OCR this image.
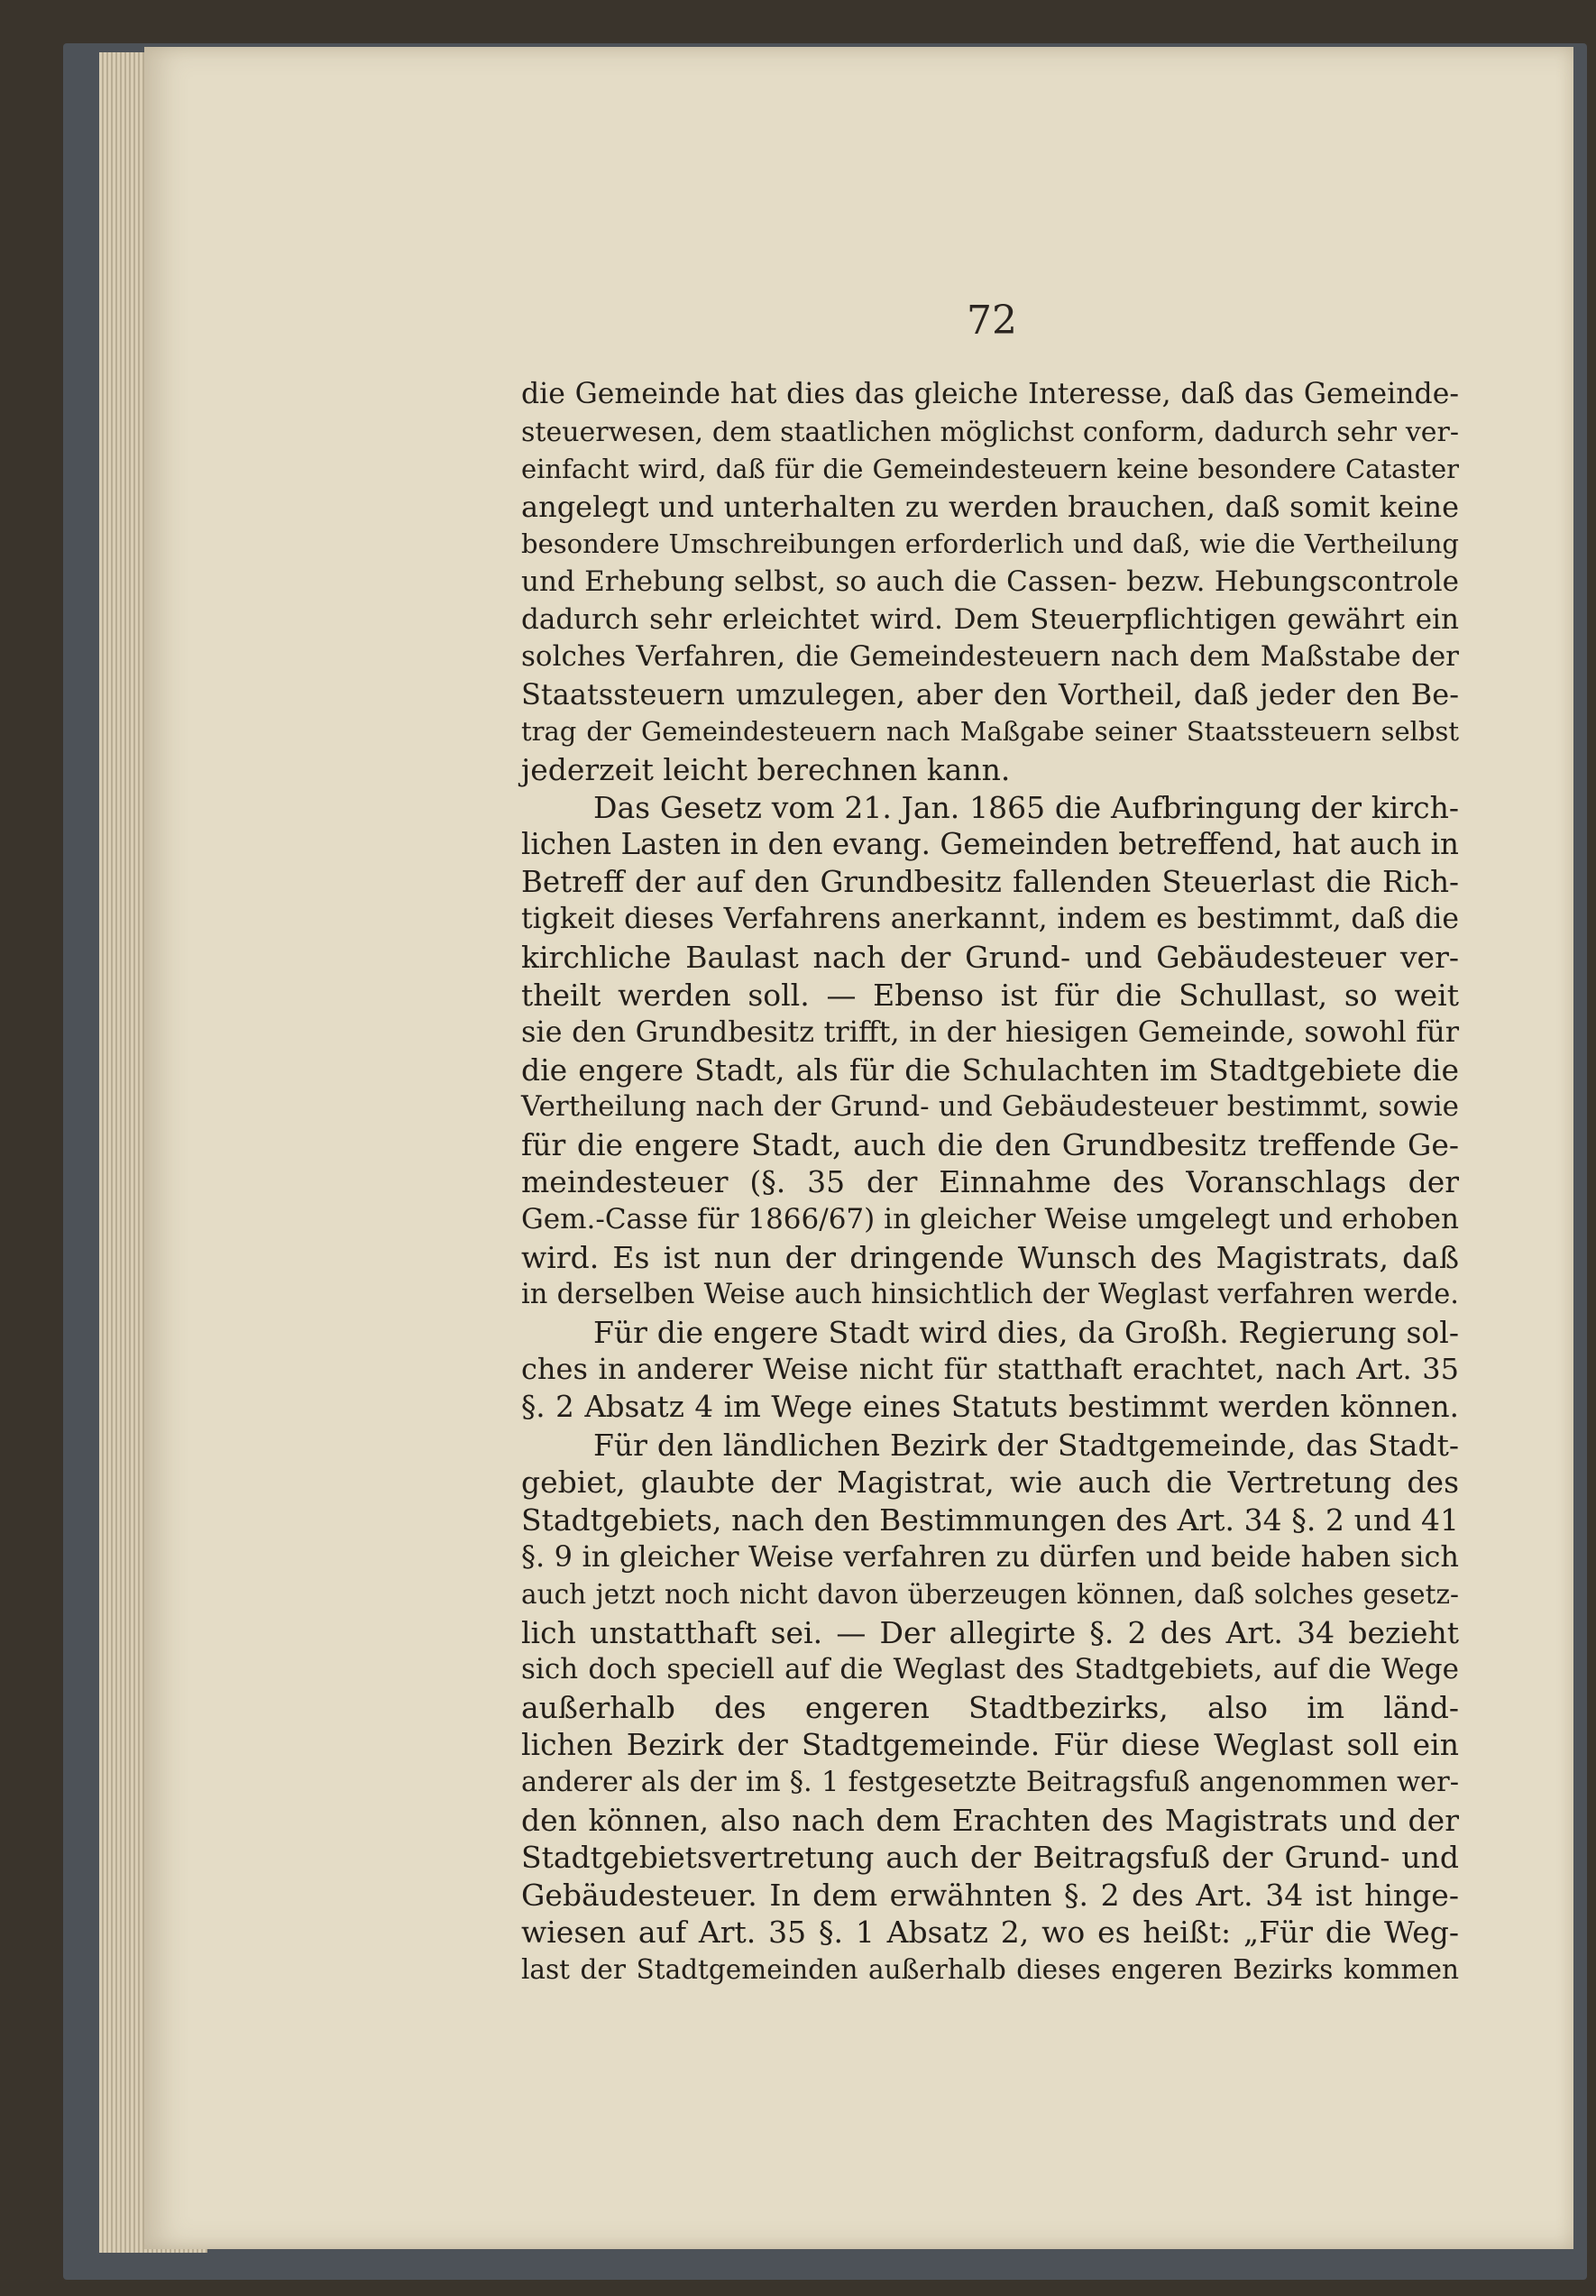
72
die Gemeinde hat dies das gleiche Interesse, daß das Gemeinde-
steuerwesen, dem staatlichen möglichst conform, dadurch sehr ver-
einfacht wird, daß für die Gemeindesteuern keine besondere Cataster
angelegt und unterhalten zu werden brauchen, daß somit keine
besondere Umschreibungen erforderlich und daß, wie die Vertheilung
und Erhebung selbst, so auch die Cassen- bezw. Hebungscontrole
dadurch sehr erleichtet wird. Dem Steuerpflichtigen gewährt ein
solches Verfahren, die Gemeindesteuern nach dem Maßstabe der
Staatssteuern umzulegen, aber den Vortheil, daß jeder den Be-
trag der Gemeindesteuern nach Maßgabe seiner Staatssteuern selbst
jederzeit leicht berechnen kann.
Das Gesetz vom 21. Jan. 1865 die Aufbringung der kirch-
lichen Lasten in den evang. Gemeinden betreffend, hat auch in
Betreff der auf den Grundbesitz fallenden Steuerlast die Rich-
tigkeit dieses Verfahrens anerkannt, indem es bestimmt, daß die
kirchliche Baulast nach der Grund- und Gebäudesteuer ver-
theilt werden soll. — Ebenso ist für die Schullast, so weit
sie den Grundbesitz trifft, in der hiesigen Gemeinde, sowohl für
die engere Stadt, als für die Schulachten im Stadtgebiete die
Vertheilung nach der Grund- und Gebäudesteuer bestimmt, sowie
für die engere Stadt, auch die den Grundbesitz treffende Ge-
meindesteuer (§. 35 der Einnahme des Voranschlags der
Gem.-Casse für 1866/67) in gleicher Weise umgelegt und erhoben
wird. Es ist nun der dringende Wunsch des Magistrats, daß
in derselben Weise auch hinsichtlich der Weglast verfahren werde.
Für die engere Stadt wird dies, da Großh. Regierung sol-
ches in anderer Weise nicht für statthaft erachtet, nach Art. 35
§. 2 Absatz 4 im Wege eines Statuts bestimmt werden können.
Für den ländlichen Bezirk der Stadtgemeinde, das Stadt-
gebiet, glaubte der Magistrat, wie auch die Vertretung des
Stadtgebiets, nach den Bestimmungen des Art. 34 §. 2 und 41
§. 9 in gleicher Weise verfahren zu dürfen und beide haben sich
auch jetzt noch nicht davon überzeugen können, daß solches gesetz-
lich unstatthaft sei. — Der allegirte §. 2 des Art. 34 bezieht
sich doch speciell auf die Weglast des Stadtgebiets, auf die Wege
außerhalb des engeren Stadtbezirks, also im länd-
lichen Bezirk der Stadtgemeinde. Für diese Weglast soll ein
anderer als der im §. 1 festgesetzte Beitragsfuß angenommen wer-
den können, also nach dem Erachten des Magistrats und der
Stadtgebietsvertretung auch der Beitragsfuß der Grund- und
Gebäudesteuer. In dem erwähnten §. 2 des Art. 34 ist hinge-
wiesen auf Art. 35 §. 1 Absatz 2, wo es heißt: „Für die Weg-
last der Stadtgemeinden außerhalb dieses engeren Bezirks kommen
